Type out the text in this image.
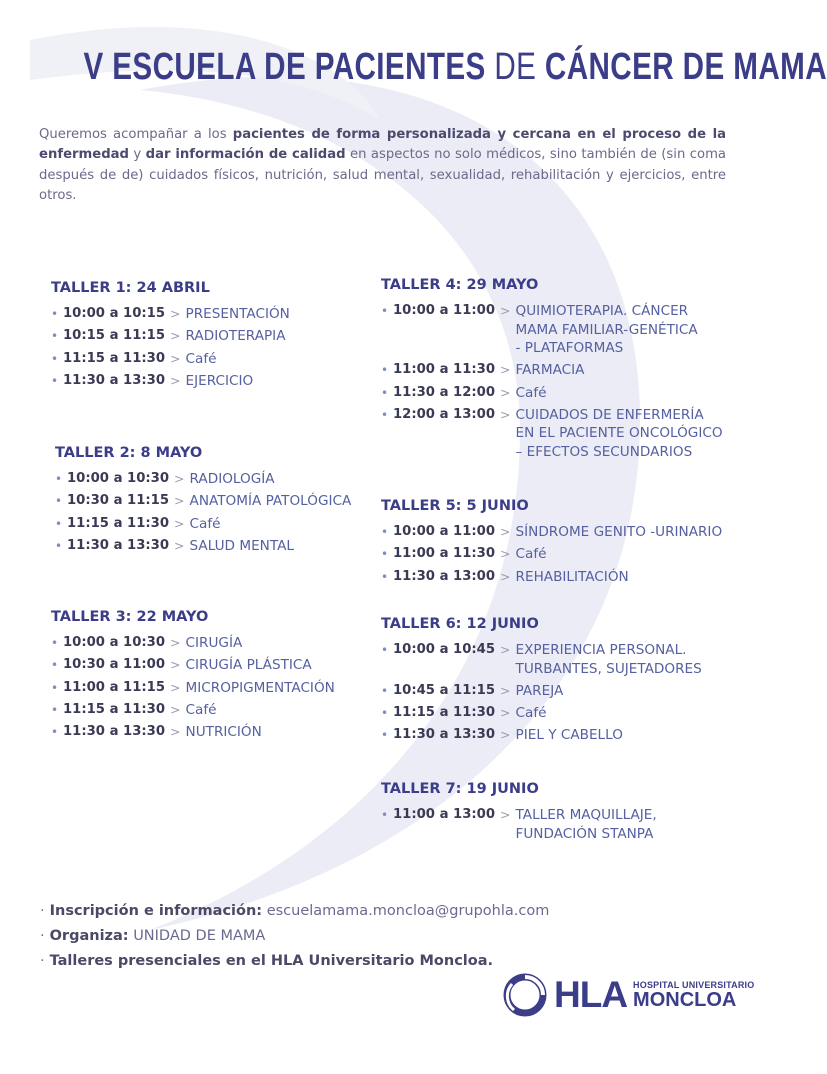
V ESCUELA DE PACIENTES DE CÁNCER DE MAMA
Queremos acompañar a los pacientes de forma personalizada y cercana en el proceso de la enfermedad y dar información de calidad en aspectos no solo médicos, sino también de (sin coma después de de) cuidados físicos, nutrición, salud mental, sexualidad, rehabilitación y ejercicios, entre otros.
TALLER 1: 24 ABRIL
• 10:00 a 10:15 > PRESENTACIÓN
• 10:15 a 11:15 > RADIOTERAPIA
• 11:15 a 11:30 > Café
• 11:30 a 13:30 > EJERCICIO
TALLER 2: 8 MAYO
• 10:00 a 10:30 > RADIOLOGÍA
• 10:30 a 11:15 > ANATOMÍA PATOLÓGICA
• 11:15 a 11:30 > Café
• 11:30 a 13:30 > SALUD MENTAL
TALLER 3: 22 MAYO
• 10:00 a 10:30 > CIRUGÍA
• 10:30 a 11:00 > CIRUGÍA PLÁSTICA
• 11:00 a 11:15 > MICROPIGMENTACIÓN
• 11:15 a 11:30 > Café
• 11:30 a 13:30 > NUTRICIÓN
TALLER 4: 29 MAYO
• 10:00 a 11:00 > QUIMIOTERAPIA. CÁNCER
MAMA FAMILIAR-GENÉTICA
- PLATAFORMAS
• 11:00 a 11:30 > FARMACIA
• 11:30 a 12:00 > Café
• 12:00 a 13:00 > CUIDADOS DE ENFERMERÍA
EN EL PACIENTE ONCOLÓGICO
– EFECTOS SECUNDARIOS
TALLER 5: 5 JUNIO
• 10:00 a 11:00 > SÍNDROME GENITO -URINARIO
• 11:00 a 11:30 > Café
• 11:30 a 13:00 > REHABILITACIÓN
TALLER 6: 12 JUNIO
• 10:00 a 10:45 > EXPERIENCIA PERSONAL.
TURBANTES, SUJETADORES
• 10:45 a 11:15 > PAREJA
• 11:15 a 11:30 > Café
• 11:30 a 13:30 > PIEL Y CABELLO
TALLER 7: 19 JUNIO
• 11:00 a 13:00 > TALLER MAQUILLAJE,
FUNDACIÓN STANPA
· Inscripción e información: escuelamama.moncloa@grupohla.com
· Organiza: UNIDAD DE MAMA
· Talleres presenciales en el HLA Universitario Moncloa.
HLA HOSPITAL UNIVERSITARIO
MONCLOA
